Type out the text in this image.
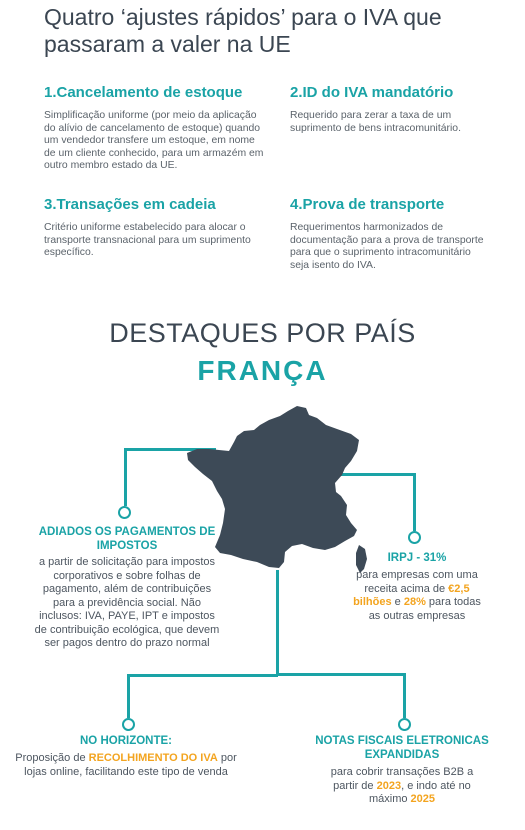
Quatro ‘ajustes rápidos’ para o IVA que passaram a valer na UE
1.Cancelamento de estoque
Simplificação uniforme (por meio da aplicação do alívio de cancelamento de estoque) quando um vendedor transfere um estoque, em nome de um cliente conhecido, para um armazém em outro membro estado da UE.
2.ID do IVA mandatório
Requerido para zerar a taxa de um suprimento de bens intracomunitário.
3.Transações em cadeia
Critério uniforme estabelecido para alocar o transporte transnacional para um suprimento específico.
4.Prova de transporte
Requerimentos harmonizados de documentação para a prova de transporte para que o suprimento intracomunitário seja isento do IVA.
DESTAQUES POR PAÍS
FRANÇA
ADIADOS OS PAGAMENTOS DE IMPOSTOS
a partir de solicitação para impostos corporativos e sobre folhas de pagamento, além de contribuições para a previdência social. Não inclusos: IVA, PAYE, IPT e impostos de contribuição ecológica, que devem ser pagos dentro do prazo normal
IRPJ - 31%
para empresas com uma receita acima de €2,5 bilhões e 28% para todas as outras empresas
NO HORIZONTE:
Proposição de RECOLHIMENTO DO IVA por lojas online, facilitando este tipo de venda
NOTAS FISCAIS ELETRONICAS EXPANDIDAS
para cobrir transações B2B a partir de 2023, e indo até no máximo 2025
